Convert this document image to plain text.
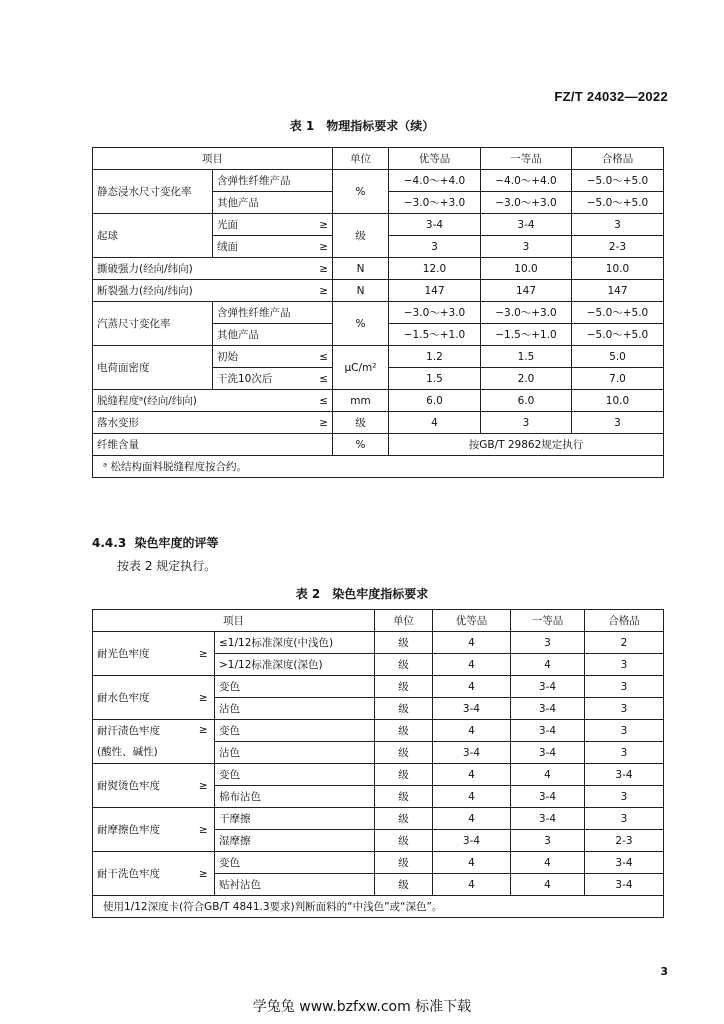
FZ/T 24032—2022
表 1　物理指标要求（续）
项目		单位	优等品	一等品	合格品
静态浸水尺寸变化率	含弹性纤维产品	%	−4.0～+4.0	−4.0～+4.0	−5.0～+5.0
	其他产品		−3.0～+3.0	−3.0～+3.0	−5.0～+5.0
起球	光面 ≥	级	3-4	3-4	3

	绒面 ≥		3	3	2-3

撕破强力(经向/纬向) ≥		N	12.0	10.0	10.0

断裂强力(经向/纬向) ≥		N	147	147	147
汽蒸尺寸变化率	含弹性纤维产品	%	−3.0～+3.0	−3.0～+3.0	−5.0～+5.0
	其他产品		−1.5～+1.0	−1.5～+1.0	−5.0～+5.0
电荷面密度	初始 ≤	μC/m²	1.2	1.5	5.0

	干洗10次后 ≤		1.5	2.0	7.0

脱缝程度ᵃ(经向/纬向) ≤		mm	6.0	6.0	10.0

落水变形 ≥		级	4	3	3
纤维含量		%	按GB/T 29862规定执行		
ᵃ 松结构面料脱缝程度按合约。					
4.4.3 染色牢度的评等
按表 2 规定执行。
表 2　染色牢度指标要求
项目			单位	优等品	一等品	合格品
耐光色牢度	≥	≤1/12标准深度(中浅色)	级	4	3	2
		>1/12标准深度(深色)	级	4	4	3
耐水色牢度	≥	变色	级	4	3-4	3
		沾色	级	3-4	3-4	3

耐汗渍色牢度
(酸性、碱性)	≥	变色	级	4	3-4	3
		沾色	级	3-4	3-4	3
耐熨烫色牢度	≥	变色	级	4	4	3-4
		棉布沾色	级	4	3-4	3
耐摩擦色牢度	≥	干摩擦	级	4	3-4	3
		湿摩擦	级	3-4	3	2-3
耐干洗色牢度	≥	变色	级	4	4	3-4
		贴衬沾色	级	4	4	3-4
使用1/12深度卡(符合GB/T 4841.3要求)判断面料的“中浅色”或“深色”。						
3
学兔兔 www.bzfxw.com 标准下载
